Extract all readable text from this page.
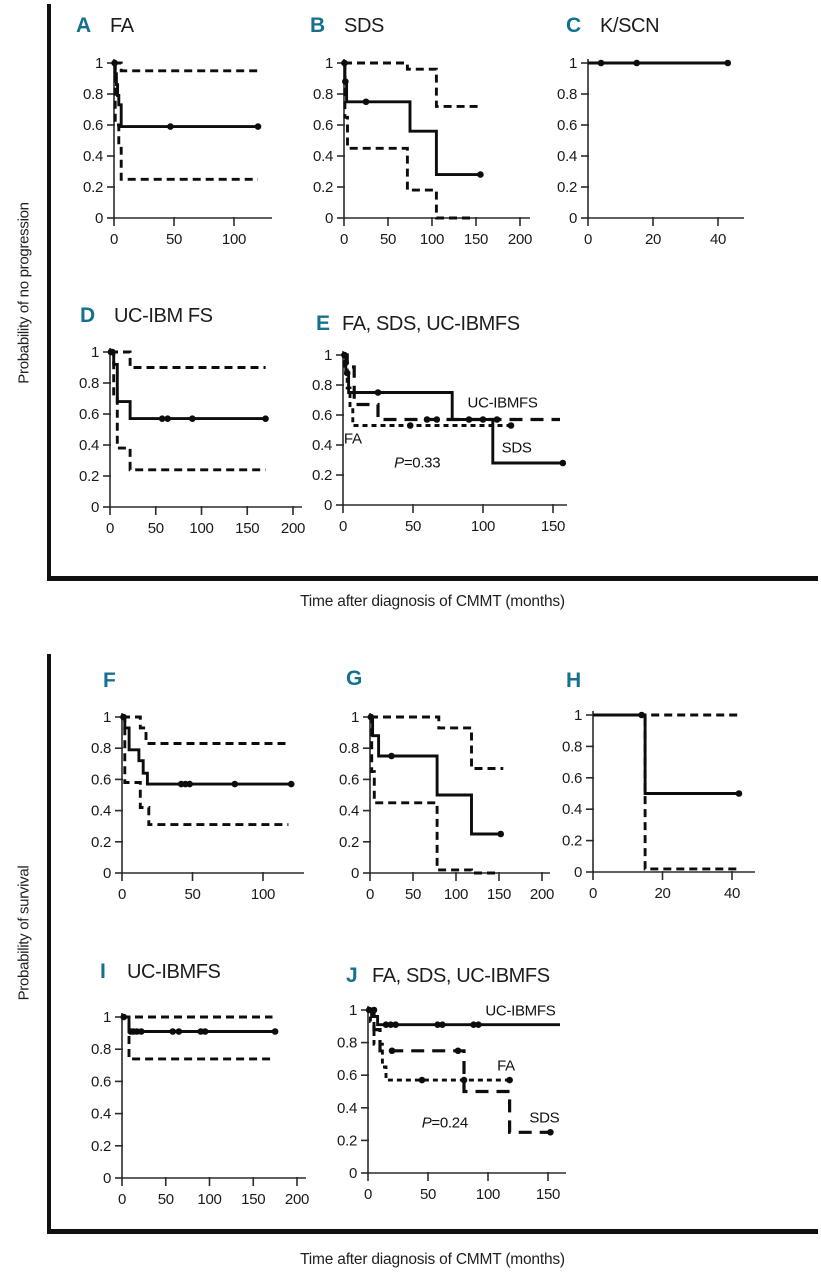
Probability of no progression
Probability of survival
Time after diagnosis of CMMT (months)
Time after diagnosis of CMMT (months)
0
0.2
0.4
0.6
0.8
1
0	50	100
A FA
0
0.2
0.4
0.6
0.8
1
0 50 100 150 200
B SDS
0
0.2
0.4
0.6
0.8
1
0	20	40
C K/SCN
0
0.2
0.4
0.6
0.8
1
0 50 100 150 200
D UC-IBM FS
0
0.2
0.4
0.6
0.8
1
0	50	100	150
UC-IBMFS
FA
SDS
P=0.33
E FA, SDS, UC-IBMFS
0
0.2
0.4
0.6
0.8
1
0	50	100
F
0
0.2
0.4
0.6
0.8
1
0 50 100 150 200
G
0
0.2
0.4
0.6
0.8
1
0	20	40
H
0
0.2
0.4
0.6
0.8
1
0 50 100 150 200
I UC-IBMFS
0
0.2
0.4
0.6
0.8
1
0	50	100 150
UC-IBMFS
FA
SDS
P=0.24
J FA, SDS, UC-IBMFS
